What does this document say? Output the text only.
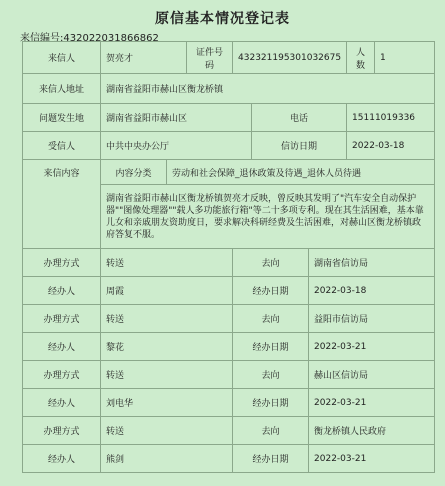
原信基本情况登记表
来信编号:432022031866862
来信人	贺亮才		证件号码	432321195301032675			人数	1
来信人地址	湖南省益阳市赫山区衡龙桥镇							
问题发生地	湖南省益阳市赫山区				电话		15111019336	
受信人	中共中央办公厅				信访日期		2022-03-18	
来信内容	内容分类	劳动和社会保障_退休政策及待遇_退休人员待遇						
	湖南省益阳市赫山区衡龙桥镇贺亮才反映，曾反映其发明了"汽车安全自动保护器""图像处理器""载人多功能旅行箱"等二十多项专利。现在其生活困难，基本靠儿女和亲戚朋友资助度日，要求解决科研经费及生活困难，对赫山区衡龙桥镇政府答复不服。							
办理方式	转送			去向		湖南省信访局		
经办人	周霞			经办日期		2022-03-18		
办理方式	转送			去向		益阳市信访局		
经办人	黎花			经办日期		2022-03-21		
办理方式	转送			去向		赫山区信访局		
经办人	刘电华			经办日期		2022-03-21		
办理方式	转送			去向		衡龙桥镇人民政府		
经办人	熊剑			经办日期		2022-03-21		
